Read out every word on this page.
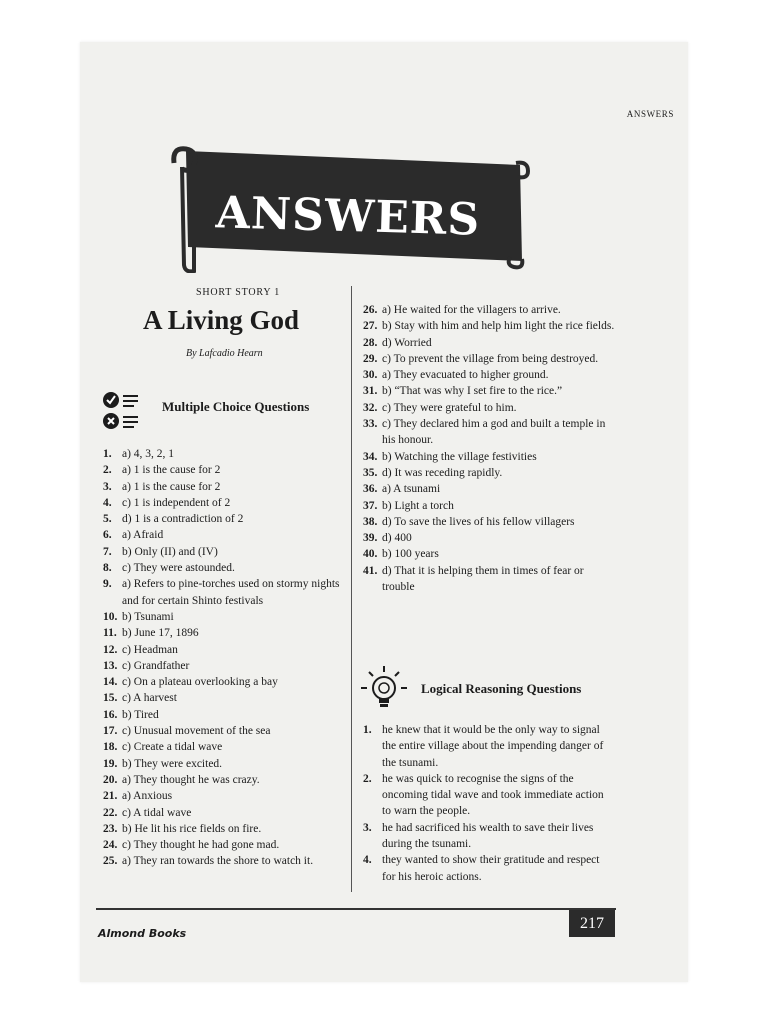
ANSWERS
ANSWERS
SHORT STORY 1
A Living God
By Lafcadio Hearn
Multiple Choice Questions
1. a) 4, 3, 2, 1
2. a) 1 is the cause for 2
3. a) 1 is the cause for 2
4. c) 1 is independent of 2
5. d) 1 is a contradiction of 2
6. a) Afraid
7. b) Only (II) and (IV)
8. c) They were astounded.
9. a) Refers to pine-torches used on stormy nights and for certain Shinto festivals
10. b) Tsunami
11. b) June 17, 1896
12. c) Headman
13. c) Grandfather
14. c) On a plateau overlooking a bay
15. c) A harvest
16. b) Tired
17. c) Unusual movement of the sea
18. c) Create a tidal wave
19. b) They were excited.
20. a) They thought he was crazy.
21. a) Anxious
22. c) A tidal wave
23. b) He lit his rice fields on fire.
24. c) They thought he had gone mad.
25. a) They ran towards the shore to watch it.
26. a) He waited for the villagers to arrive.
27. b) Stay with him and help him light the rice fields.
28. d) Worried
29. c) To prevent the village from being destroyed.
30. a) They evacuated to higher ground.
31. b) “That was why I set fire to the rice.”
32. c) They were grateful to him.
33. c) They declared him a god and built a temple in his honour.
34. b) Watching the village festivities
35. d) It was receding rapidly.
36. a) A tsunami
37. b) Light a torch
38. d) To save the lives of his fellow villagers
39. d) 400
40. b) 100 years
41. d) That it is helping them in times of fear or trouble
Logical Reasoning Questions
1. he knew that it would be the only way to signal the entire village about the impending danger of the tsunami.
2. he was quick to recognise the signs of the oncoming tidal wave and took immediate action to warn the people.
3. he had sacrificed his wealth to save their lives during the tsunami.
4. they wanted to show their gratitude and respect for his heroic actions.
Almond Books
217
